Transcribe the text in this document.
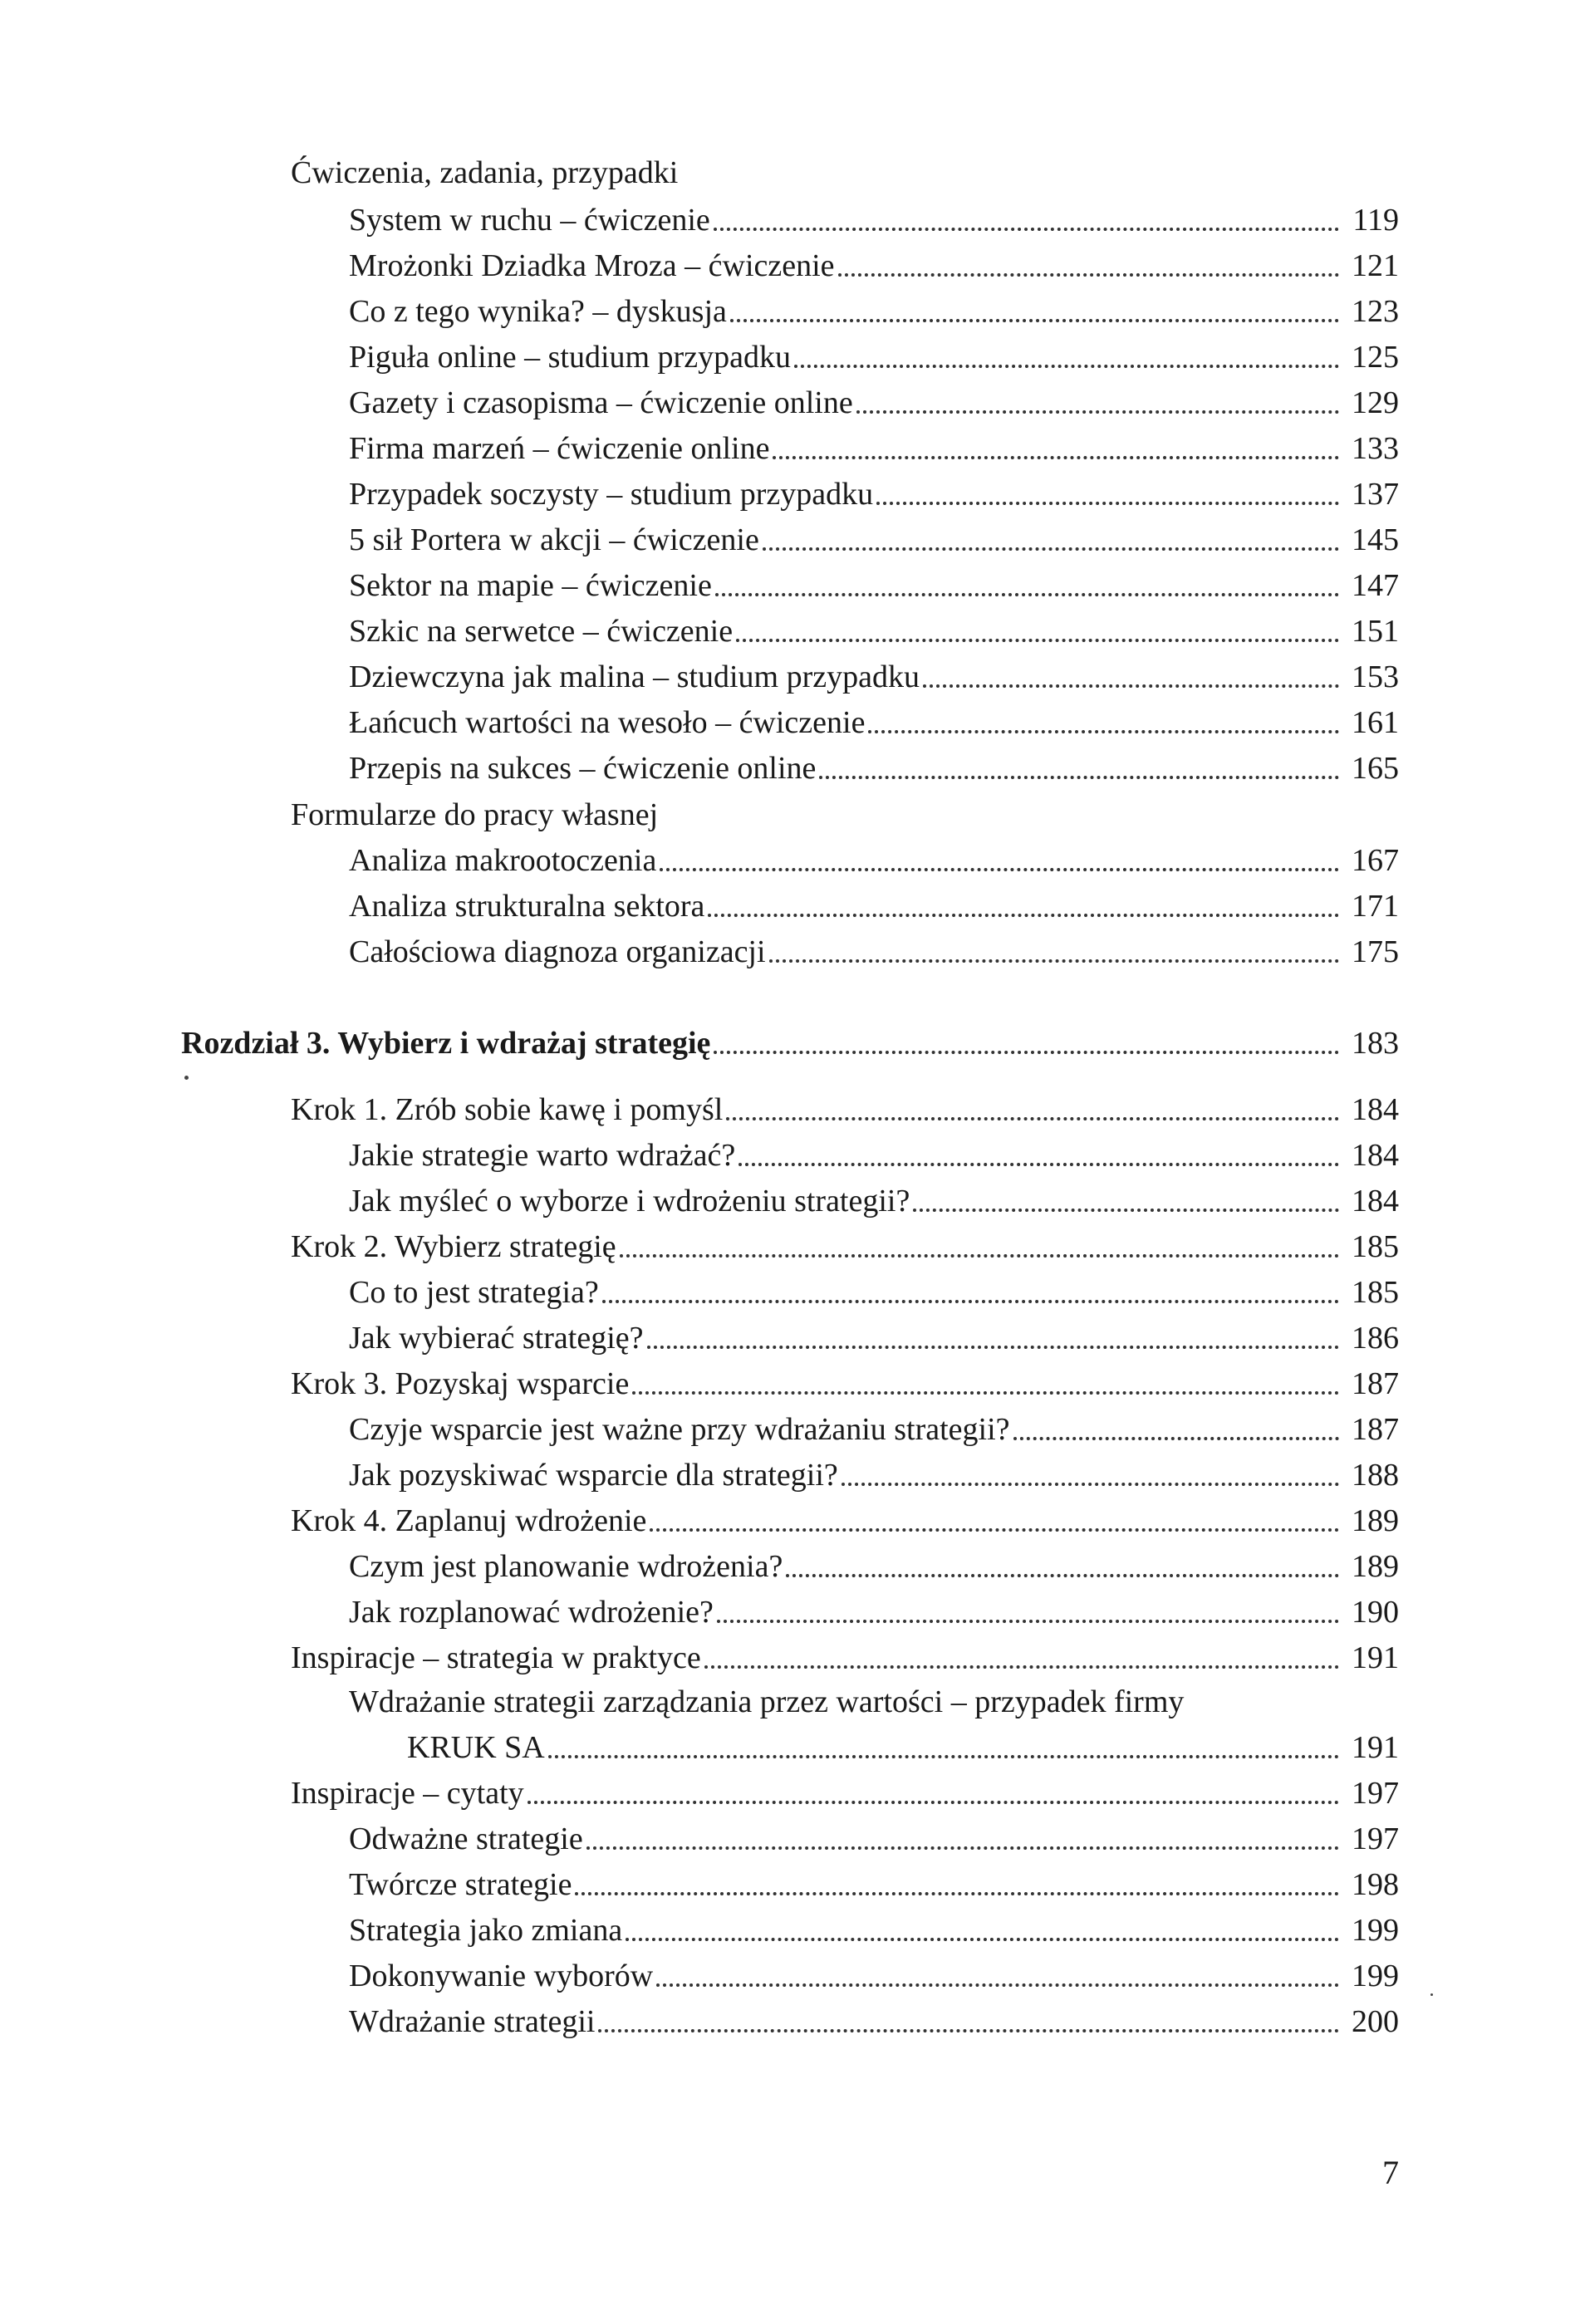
Ćwiczenia, zadania, przypadki
System w ruchu – ćwiczenie	119
Mrożonki Dziadka Mroza – ćwiczenie	121
Co z tego wynika? – dyskusja	123
Piguła online – studium przypadku	125
Gazety i czasopisma – ćwiczenie online	129
Firma marzeń – ćwiczenie online	133
Przypadek soczysty – studium przypadku	137
5 sił Portera w akcji – ćwiczenie	145
Sektor na mapie – ćwiczenie	147
Szkic na serwetce – ćwiczenie	151
Dziewczyna jak malina – studium przypadku	153
Łańcuch wartości na wesoło – ćwiczenie	161
Przepis na sukces – ćwiczenie online	165
Formularze do pracy własnej
Analiza makrootoczenia	167
Analiza strukturalna sektora	171
Całościowa diagnoza organizacji	175
Rozdział 3. Wybierz i wdrażaj strategię	183
Krok 1. Zrób sobie kawę i pomyśl	184
Jakie strategie warto wdrażać?	184
Jak myśleć o wyborze i wdrożeniu strategii?	184
Krok 2. Wybierz strategię	185
Co to jest strategia?	185
Jak wybierać strategię?	186
Krok 3. Pozyskaj wsparcie	187
Czyje wsparcie jest ważne przy wdrażaniu strategii?	187
Jak pozyskiwać wsparcie dla strategii?	188
Krok 4. Zaplanuj wdrożenie	189
Czym jest planowanie wdrożenia?	189
Jak rozplanować wdrożenie?	190
Inspiracje – strategia w praktyce	191
Wdrażanie strategii zarządzania przez wartości – przypadek firmy
KRUK SA	191
Inspiracje – cytaty	197
Odważne strategie	197
Twórcze strategie	198
Strategia jako zmiana	199
Dokonywanie wyborów	199
Wdrażanie strategii	200
7
